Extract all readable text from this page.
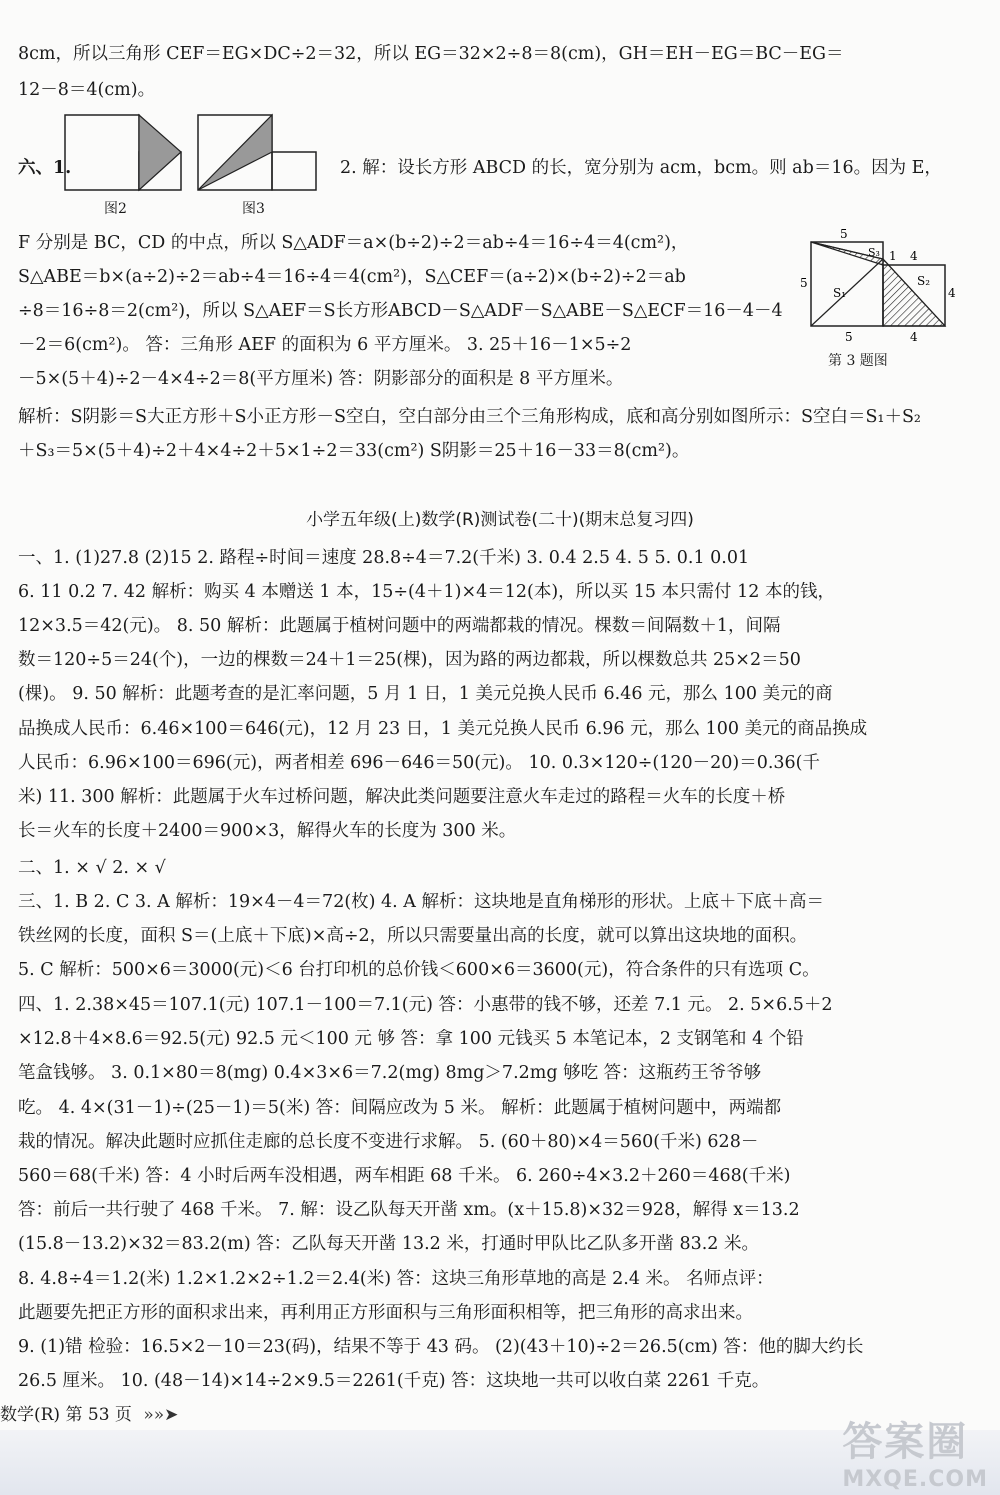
8cm，所以三角形 CEF＝EG×DC÷2＝32，所以 EG＝32×2÷8＝8(cm)，GH＝EH－EG＝BC－EG＝
12－8＝4(cm)。
六、1.
图2	图3
2. 解：设长方形 ABCD 的长，宽分别为 acm，bcm。则 ab＝16。因为 E，
F 分别是 BC，CD 的中点，所以 S△ADF＝a×(b÷2)÷2＝ab÷4＝16÷4＝4(cm²)，
S△ABE＝b×(a÷2)÷2＝ab÷4＝16÷4＝4(cm²)，S△CEF＝(a÷2)×(b÷2)÷2＝ab
÷8＝16÷8＝2(cm²)，所以 S△AEF＝S长方形ABCD－S△ADF－S△ABE－S△ECF＝16－4－4
－2＝6(cm²)。 答：三角形 AEF 的面积为 6 平方厘米。 3. 25＋16－1×5÷2
－5×(5＋4)÷2－4×4÷2＝8(平方厘米) 答：阴影部分的面积是 8 平方厘米。
5
S₃ 1 4
5
S₁
S₂
4
5	4
第 3 题图
解析：S阴影＝S大正方形＋S小正方形－S空白，空白部分由三个三角形构成，底和高分别如图所示：S空白＝S₁＋S₂
＋S₃＝5×(5＋4)÷2＋4×4÷2＋5×1÷2＝33(cm²) S阴影＝25＋16－33＝8(cm²)。
小学五年级(上)数学(R)测试卷(二十)(期末总复习四)
一、1. (1)27.8 (2)15 2. 路程÷时间＝速度 28.8÷4＝7.2(千米) 3. 0.4 2.5 4. 5 5. 0.1 0.01
6. 11 0.2 7. 42 解析：购买 4 本赠送 1 本，15÷(4＋1)×4＝12(本)，所以买 15 本只需付 12 本的钱，
12×3.5＝42(元)。 8. 50 解析：此题属于植树问题中的两端都栽的情况。棵数＝间隔数＋1，间隔
数＝120÷5＝24(个)，一边的棵数＝24＋1＝25(棵)，因为路的两边都栽，所以棵数总共 25×2＝50
(棵)。 9. 50 解析：此题考查的是汇率问题，5 月 1 日，1 美元兑换人民币 6.46 元，那么 100 美元的商
品换成人民币：6.46×100＝646(元)，12 月 23 日，1 美元兑换人民币 6.96 元，那么 100 美元的商品换成
人民币：6.96×100＝696(元)，两者相差 696－646＝50(元)。 10. 0.3×120÷(120－20)＝0.36(千
米) 11. 300 解析：此题属于火车过桥问题，解决此类问题要注意火车走过的路程＝火车的长度＋桥
长＝火车的长度＋2400＝900×3，解得火车的长度为 300 米。
二、1. × √ 2. × √
三、1. B 2. C 3. A 解析：19×4－4＝72(枚) 4. A 解析：这块地是直角梯形的形状。上底＋下底＋高＝
铁丝网的长度，面积 S＝(上底＋下底)×高÷2，所以只需要量出高的长度，就可以算出这块地的面积。
5. C 解析：500×6＝3000(元)＜6 台打印机的总价钱＜600×6＝3600(元)，符合条件的只有选项 C。
四、1. 2.38×45＝107.1(元) 107.1－100＝7.1(元) 答：小惠带的钱不够，还差 7.1 元。 2. 5×6.5＋2
×12.8＋4×8.6＝92.5(元) 92.5 元＜100 元 够 答：拿 100 元钱买 5 本笔记本，2 支钢笔和 4 个铅
笔盒钱够。 3. 0.1×80＝8(mg) 0.4×3×6＝7.2(mg) 8mg＞7.2mg 够吃 答：这瓶药王爷爷够
吃。 4. 4×(31－1)÷(25－1)＝5(米) 答：间隔应改为 5 米。 解析：此题属于植树问题中，两端都
栽的情况。解决此题时应抓住走廊的总长度不变进行求解。 5. (60＋80)×4＝560(千米) 628－
560＝68(千米) 答：4 小时后两车没相遇，两车相距 68 千米。 6. 260÷4×3.2＋260＝468(千米)
答：前后一共行驶了 468 千米。 7. 解：设乙队每天开凿 xm。(x＋15.8)×32＝928，解得 x＝13.2
(15.8－13.2)×32＝83.2(m) 答：乙队每天开凿 13.2 米，打通时甲队比乙队多开凿 83.2 米。
8. 4.8÷4＝1.2(米) 1.2×1.2×2÷1.2＝2.4(米) 答：这块三角形草地的高是 2.4 米。 名师点评：
此题要先把正方形的面积求出来，再利用正方形面积与三角形面积相等，把三角形的高求出来。
9. (1)错 检验：16.5×2－10＝23(码)，结果不等于 43 码。 (2)(43＋10)÷2＝26.5(cm) 答：他的脚大约长
26.5 厘米。 10. (48－14)×14÷2×9.5＝2261(千克) 答：这块地一共可以收白菜 2261 千克。
数学(R) 第 53 页 »»➤
答案圈
MXQE.COM
